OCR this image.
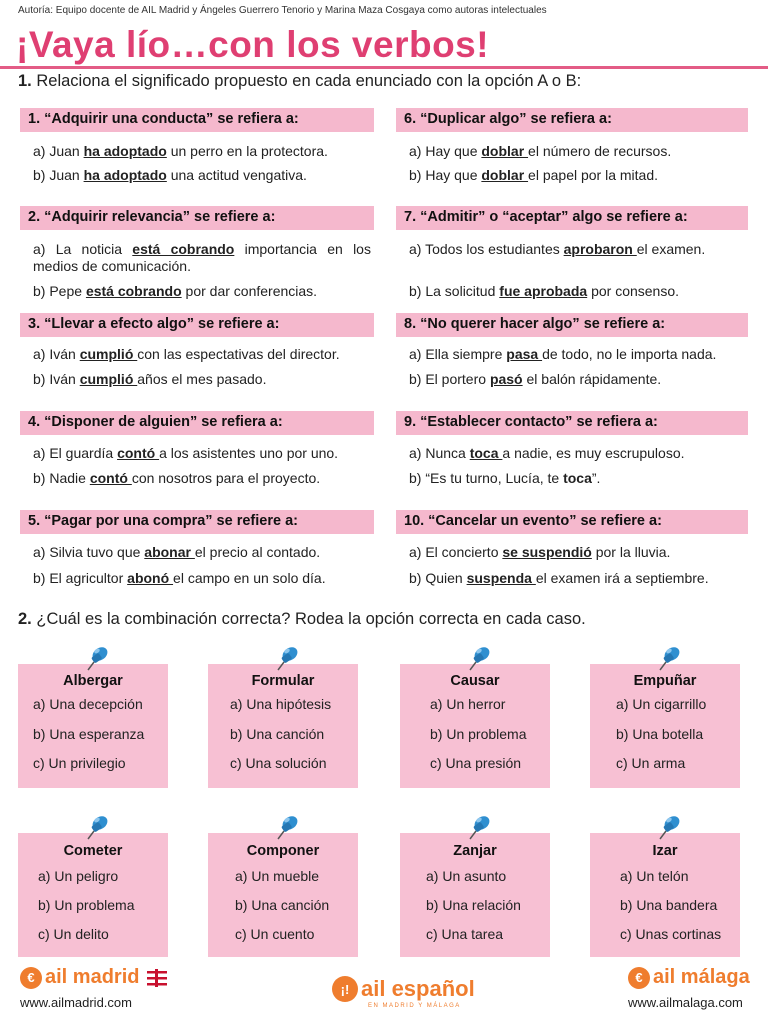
Autoría: Equipo docente de AIL Madrid y Ángeles Guerrero Tenorio y Marina Maza Cosgaya como autoras intelectuales
¡Vaya lío…con los verbos!
1. Relaciona el significado propuesto en cada enunciado con la opción A o B:
1. “Adquirir una conducta” se refiera a:
a) Juan ha adoptado un perro en la protectora.
b) Juan ha adoptado una actitud vengativa.
6. “Duplicar algo” se refiera a:
a) Hay que doblar el número de recursos.
b) Hay que doblar el papel por la mitad.
2. “Adquirir relevancia” se refiere a:
a) La noticia está cobrando importancia en los medios de comunicación.
b) Pepe está cobrando por dar conferencias.
7. “Admitir” o “aceptar” algo se refiere a:
a) Todos los estudiantes aprobaron el examen.
b) La solicitud fue aprobada por consenso.
3. “Llevar a efecto algo” se refiere a:
a) Iván cumplió con las espectativas del director.
b) Iván cumplió años el mes pasado.
8. “No querer hacer algo” se refiere a:
a) Ella siempre pasa de todo, no le importa nada.
b) El portero pasó el balón rápidamente.
4. “Disponer de alguien” se refiera a:
a) El guardía contó a los asistentes uno por uno.
b) Nadie contó con nosotros para el proyecto.
9. “Establecer contacto” se refiera a:
a) Nunca toca a nadie, es muy escrupuloso.
b) “Es tu turno, Lucía, te toca”.
5. “Pagar por una compra” se refiere a:
a) Silvia tuvo que abonar el precio al contado.
b) El agricultor abonó el campo en un solo día.
10. “Cancelar un evento” se refiere a:
a) El concierto se suspendió por la lluvia.
b) Quien suspenda el examen irá a septiembre.
2. ¿Cuál es la combinación correcta? Rodea la opción correcta en cada caso.
Albergar
a) Una decepción
b) Una esperanza
c) Un privilegio
Formular
a) Una hipótesis
b) Una canción
c) Una solución
Causar
a) Un herror
b) Un problema
c) Una presión
Empuñar
a) Un cigarrillo
b) Una botella
c) Un arma
Cometer
a) Un peligro
b) Un problema
c) Un delito
Componer
a) Un mueble
b) Una canción
c) Un cuento
Zanjar
a) Un asunto
b) Una relación
c) Una tarea
Izar
a) Un telón
b) Una bandera
c) Unas cortinas
€ ail madrid
www.ailmadrid.com
¡! ail español
EN MADRID Y MÁLAGA
€ ail málaga
www.ailmalaga.com
